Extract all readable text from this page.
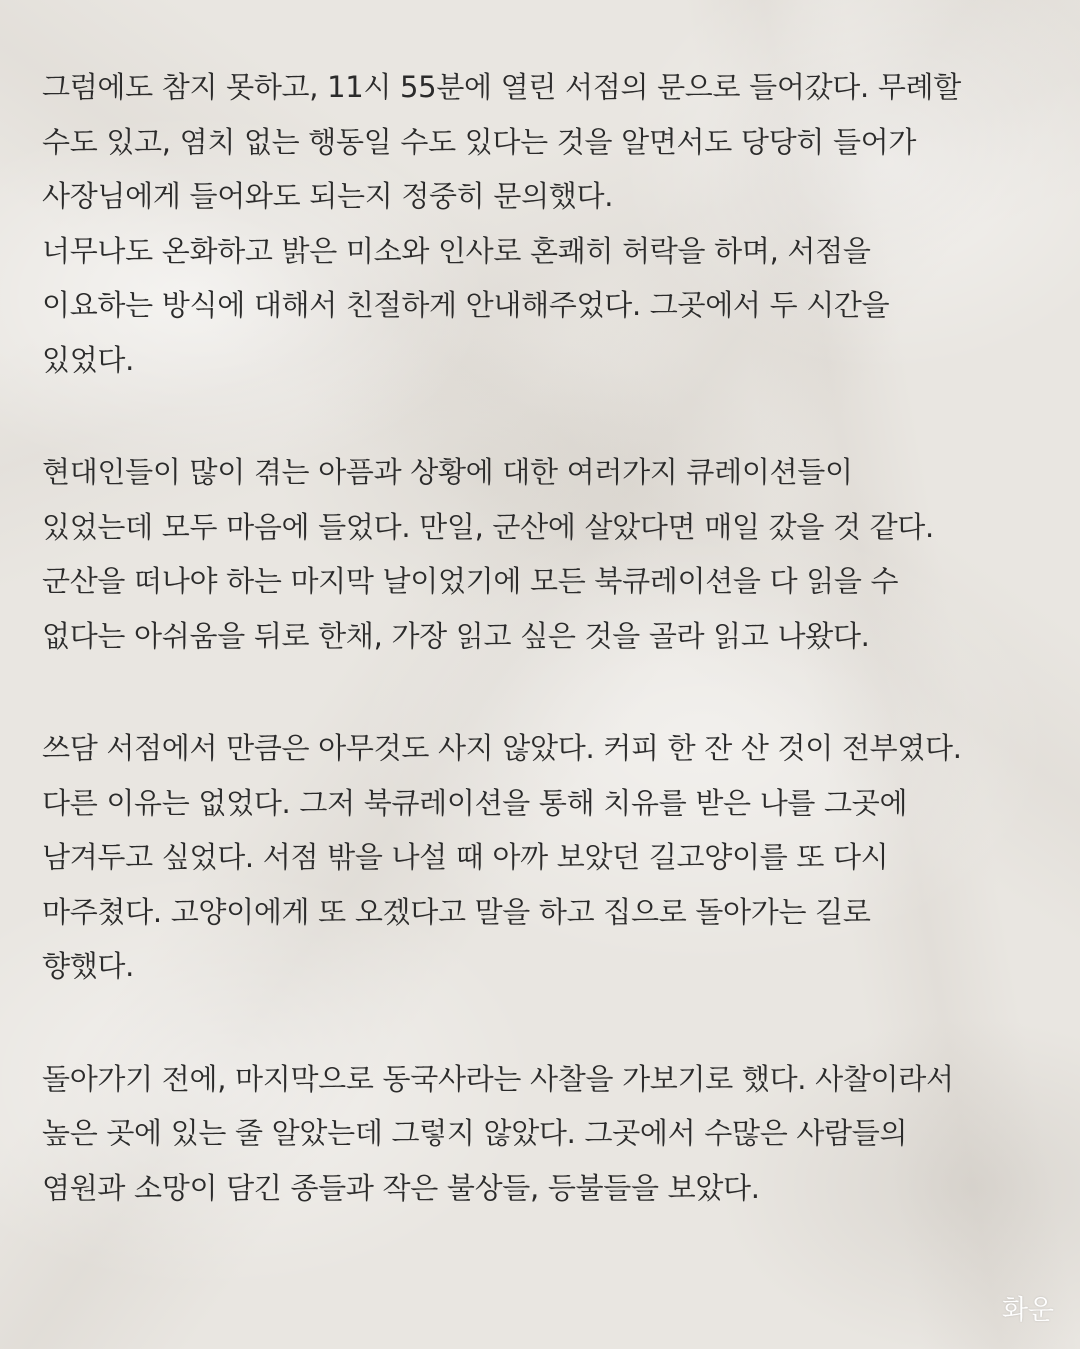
그럼에도 참지 못하고, 11시 55분에 열린 서점의 문으로 들어갔다. 무례할
수도 있고, 염치 없는 행동일 수도 있다는 것을 알면서도 당당히 들어가
사장님에게 들어와도 되는지 정중히 문의했다.
너무나도 온화하고 밝은 미소와 인사로 혼쾌히 허락을 하며, 서점을
이요하는 방식에 대해서 친절하게 안내해주었다. 그곳에서 두 시간을
있었다.
현대인들이 많이 겪는 아픔과 상황에 대한 여러가지 큐레이션들이
있었는데 모두 마음에 들었다. 만일, 군산에 살았다면 매일 갔을 것 같다.
군산을 떠나야 하는 마지막 날이었기에 모든 북큐레이션을 다 읽을 수
없다는 아쉬움을 뒤로 한채, 가장 읽고 싶은 것을 골라 읽고 나왔다.
쓰담 서점에서 만큼은 아무것도 사지 않았다. 커피 한 잔 산 것이 전부였다.
다른 이유는 없었다. 그저 북큐레이션을 통해 치유를 받은 나를 그곳에
남겨두고 싶었다. 서점 밖을 나설 때 아까 보았던 길고양이를 또 다시
마주쳤다. 고양이에게 또 오겠다고 말을 하고 집으로 돌아가는 길로
향했다.
돌아가기 전에, 마지막으로 동국사라는 사찰을 가보기로 했다. 사찰이라서
높은 곳에 있는 줄 알았는데 그렇지 않았다. 그곳에서 수많은 사람들의
염원과 소망이 담긴 종들과 작은 불상들, 등불들을 보았다.
화운
